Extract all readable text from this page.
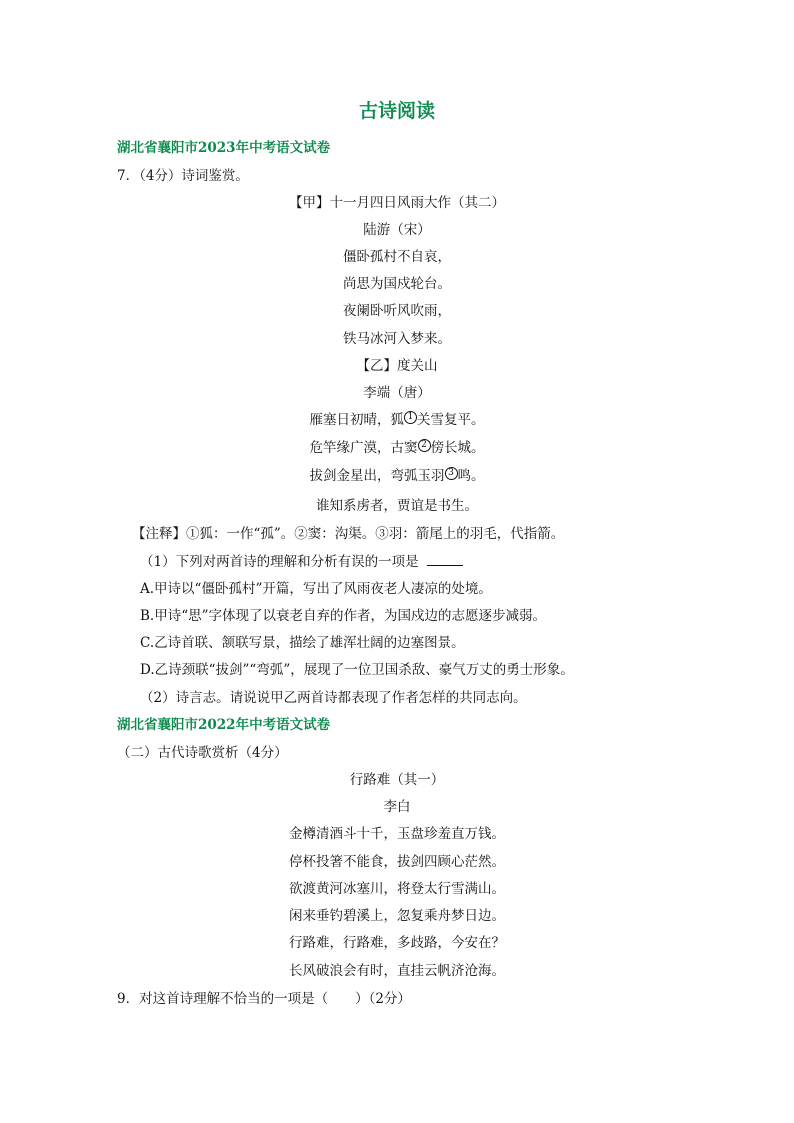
古诗阅读
湖北省襄阳市2023年中考语文试卷
7．（4分）诗词鉴赏。
【甲】十一月四日风雨大作（其二）
陆游（宋）
僵卧孤村不自哀，
尚思为国戍轮台。
夜阑卧听风吹雨，
铁马冰河入梦来。
【乙】度关山
李端（唐）
雁塞日初晴，狐 1 关雪复平。
危竿缘广漠，古窦 2 傍长城。
拔剑金星出，弯弧玉羽 3 鸣。
谁知系虏者，贾谊是书生。
【注释】①狐：一作“孤”。②窦：沟渠。③羽：箭尾上的羽毛，代指箭。
（1）下列对两首诗的理解和分析有误的一项是
A.甲诗以“僵卧孤村”开篇，写出了风雨夜老人凄凉的处境。
B.甲诗“思”字体现了以衰老自弃的作者，为国戍边的志愿逐步减弱。
C.乙诗首联、颔联写景，描绘了雄浑壮阔的边塞图景。
D.乙诗颈联“拔剑”“弯弧”，展现了一位卫国杀敌、豪气万丈的勇士形象。
（2）诗言志。请说说甲乙两首诗都表现了作者怎样的共同志向。
湖北省襄阳市2022年中考语文试卷
（二）古代诗歌赏析（4分）
行路难（其一）
李白
金樽清酒斗十千，玉盘珍羞直万钱。
停杯投箸不能食，拔剑四顾心茫然。
欲渡黄河冰塞川，将登太行雪满山。
闲来垂钓碧溪上，忽复乘舟梦日边。
行路难，行路难，多歧路，今安在？
长风破浪会有时，直挂云帆济沧海。
9．对这首诗理解不恰当的一项是（　　）（2分）
